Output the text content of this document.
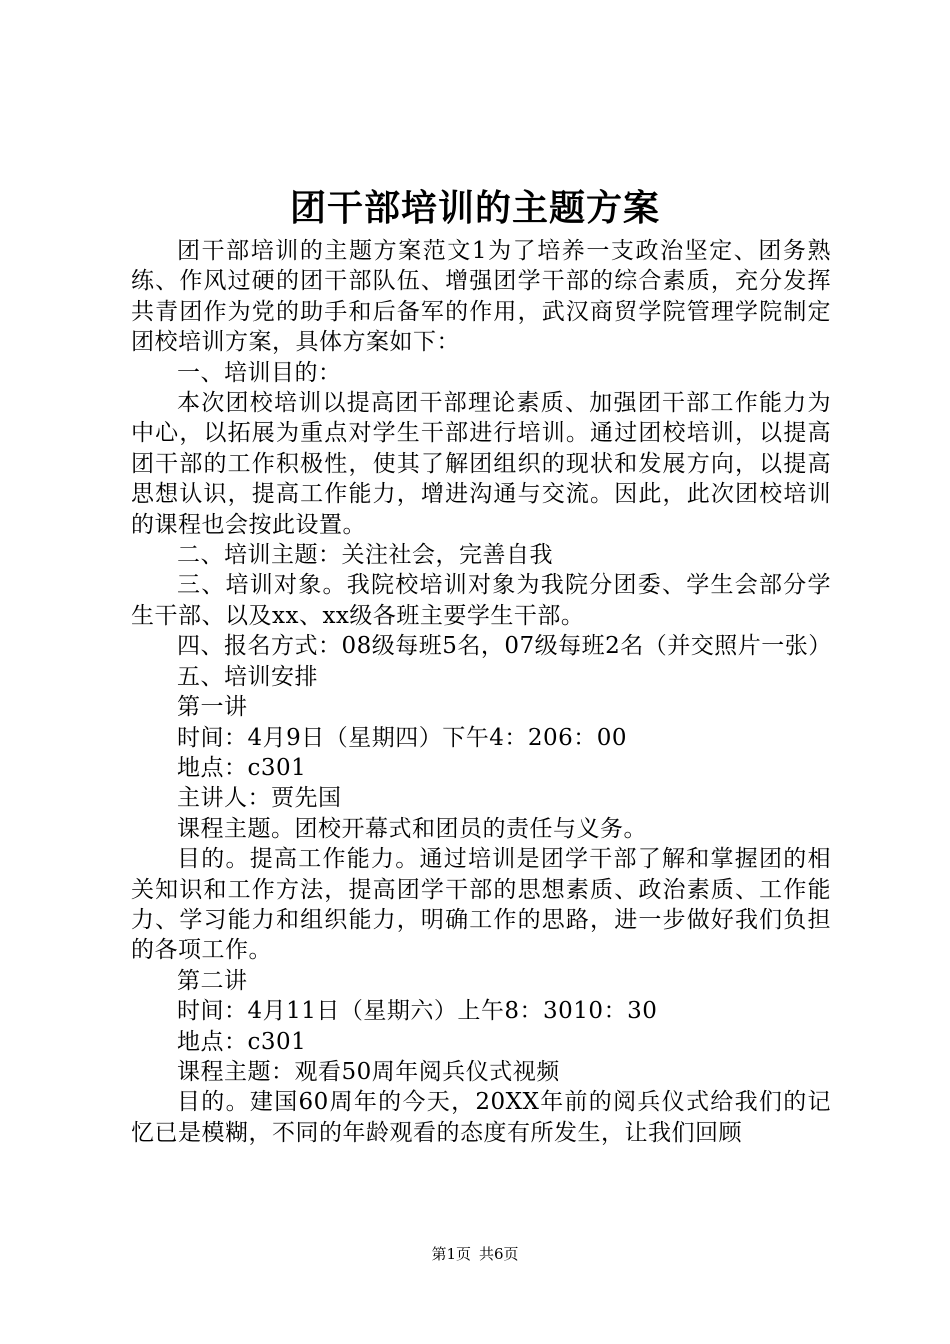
团干部培训的主题方案

团干部培训的主题方案范文1为了培养一支政治坚定、团务熟练、作风过硬的团干部队伍、增强团学干部的综合素质，充分发挥共青团作为党的助手和后备军的作用，武汉商贸学院管理学院制定团校培训方案，具体方案如下：

一、培训目的：

本次团校培训以提高团干部理论素质、加强团干部工作能力为中心，以拓展为重点对学生干部进行培训。通过团校培训，以提高团干部的工作积极性，使其了解团组织的现状和发展方向，以提高思想认识，提高工作能力，增进沟通与交流。因此，此次团校培训的课程也会按此设置。

二、培训主题：关注社会，完善自我

三、培训对象。我院校培训对象为我院分团委、学生会部分学生干部、以及xx、xx级各班主要学生干部。

四、报名方式：08级每班5名，07级每班2名（并交照片一张）

五、培训安排

第一讲

时间：4月9日（星期四）下午4：206：00

地点：c301

主讲人：贾先国

课程主题。团校开幕式和团员的责任与义务。

目的。提高工作能力。通过培训是团学干部了解和掌握团的相关知识和工作方法，提高团学干部的思想素质、政治素质、工作能力、学习能力和组织能力，明确工作的思路，进一步做好我们负担的各项工作。

第二讲

时间：4月11日（星期六）上午8：3010：30

地点：c301

课程主题：观看50周年阅兵仪式视频

目的。建国60周年的今天，20XX年前的阅兵仪式给我们的记忆已是模糊，不同的年龄观看的态度有所发生，让我们回顾

第1页 共6页
